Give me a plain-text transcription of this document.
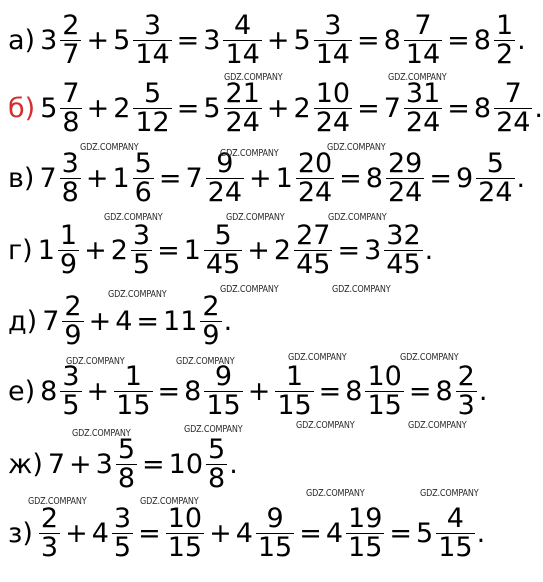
а) $3 \frac{2}{7} + 5 \frac{3}{14} = 3 \frac{4}{14} + 5 \frac{3}{14} = 8 \frac{7}{14} = 8 \frac{1}{2}$ .
б) $5 \frac{7}{8} + 2 \frac{5}{12} = 5 \frac{21}{24} + 2 \frac{10}{24} = 7 \frac{31}{24} = 8 \frac{7}{24}$ .
в) $7 \frac{3}{8} + 1 \frac{5}{6} = 7 \frac{9}{24} + 1 \frac{20}{24} = 8 \frac{29}{24} = 9 \frac{5}{24}$ .
г) $1 \frac{1}{9} + 2 \frac{3}{5} = 1 \frac{5}{45} + 2 \frac{27}{45} = 3 \frac{32}{45}$ .
д) $7 \frac{2}{9} + 4 = 11 \frac{2}{9}$ .
е) $8 \frac{3}{5} + \frac{1}{15} = 8 \frac{9}{15} + \frac{1}{15} = 8 \frac{10}{15} = 8 \frac{2}{3}$ .
ж) $7 + 3 \frac{5}{8} = 10 \frac{5}{8}$ .
$з) \frac{2}{3} + 4 \frac{3}{5} = \frac{10}{15} + 4 \frac{9}{15} = 4 \frac{19}{15} = 5 \frac{4}{15}$ .
GDZ.COMPANY	GDZ.COMPANY
GDZ.COMPANY
GDZ.COMPANY
GDZ.COMPANY
GDZ.COMPANY	GDZ.COMPANY	GDZ.COMPANY
GDZ.COMPANY	GDZ.COMPANY	GDZ.COMPANY
GDZ.COMPANY	GDZ.COMPANY	GDZ.COMPANY	GDZ.COMPANY
GDZ.COMPANY	GDZ.COMPANY	GDZ.COMPANY	GDZ.COMPANY
GDZ.COMPANY	GDZ.COMPANY
GDZ.COMPANY	GDZ.COMPANY
